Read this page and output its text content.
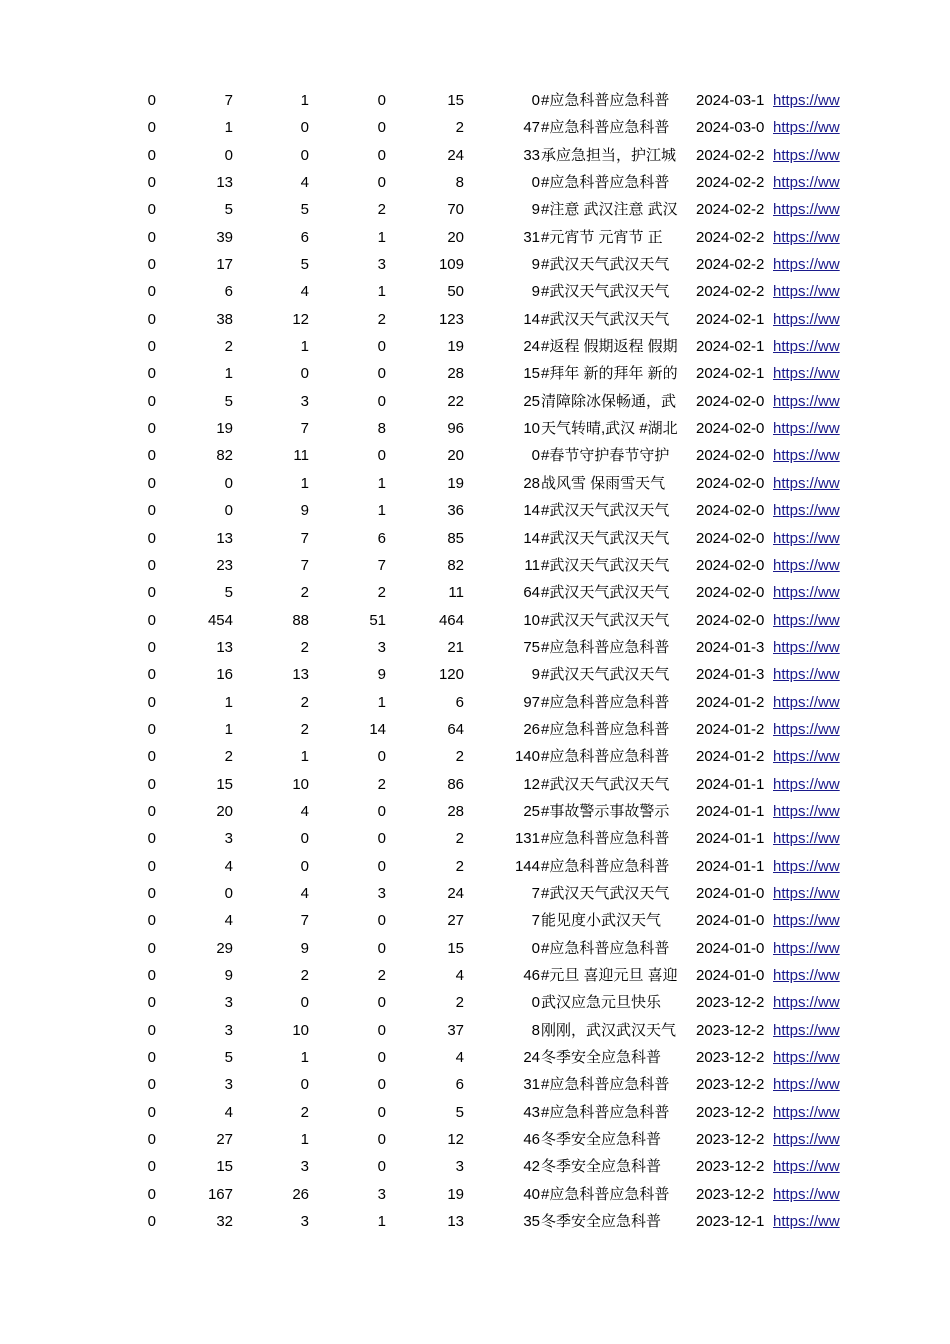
0	7	1	0	15	0 #应急科普应急科普	2024-03-1 https://ww
0	1	0	0	2	47 #应急科普应急科普	2024-03-0 https://ww
0	0	0	0	24	33 承应急担当，护江城	2024-02-2 https://ww
0	13	4	0	8	0 #应急科普应急科普	2024-02-2 https://ww
0	5	5	2	70	9 #注意 武汉注意 武汉	2024-02-2 https://ww
0	39	6	1	20	31 #元宵节 元宵节 正	2024-02-2 https://ww
0	17	5	3	109	9 #武汉天气武汉天气	2024-02-2 https://ww
0	6	4	1	50	9 #武汉天气武汉天气	2024-02-2 https://ww
0	38	12	2	123	14 #武汉天气武汉天气	2024-02-1 https://ww
0	2	1	0	19	24 #返程 假期返程 假期	2024-02-1 https://ww
0	1	0	0	28	15 #拜年 新的拜年 新的	2024-02-1 https://ww
0	5	3	0	22	25 清障除冰保畅通，武	2024-02-0 https://ww
0	19	7	8	96	10 天气转晴,武汉 #湖北	2024-02-0 https://ww
0	82	11	0	20	0 #春节守护春节守护	2024-02-0 https://ww
0	0	1	1	19	28 战风雪 保雨雪天气	2024-02-0 https://ww
0	0	9	1	36	14 #武汉天气武汉天气	2024-02-0 https://ww
0	13	7	6	85	14 #武汉天气武汉天气	2024-02-0 https://ww
0	23	7	7	82	11 #武汉天气武汉天气	2024-02-0 https://ww
0	5	2	2	11	64 #武汉天气武汉天气	2024-02-0 https://ww
0	454	88	51	464	10 #武汉天气武汉天气	2024-02-0 https://ww
0	13	2	3	21	75 #应急科普应急科普	2024-01-3 https://ww
0	16	13	9	120	9 #武汉天气武汉天气	2024-01-3 https://ww
0	1	2	1	6	97 #应急科普应急科普	2024-01-2 https://ww
0	1	2	14	64	26 #应急科普应急科普	2024-01-2 https://ww
0	2	1	0	2	140 #应急科普应急科普	2024-01-2 https://ww
0	15	10	2	86	12 #武汉天气武汉天气	2024-01-1 https://ww
0	20	4	0	28	25 #事故警示事故警示	2024-01-1 https://ww
0	3	0	0	2	131 #应急科普应急科普	2024-01-1 https://ww
0	4	0	0	2	144 #应急科普应急科普	2024-01-1 https://ww
0	0	4	3	24	7 #武汉天气武汉天气	2024-01-0 https://ww
0	4	7	0	27	7 能见度小武汉天气	2024-01-0 https://ww
0	29	9	0	15	0 #应急科普应急科普	2024-01-0 https://ww
0	9	2	2	4	46 #元旦 喜迎元旦 喜迎	2024-01-0 https://ww
0	3	0	0	2	0 武汉应急元旦快乐	2023-12-2 https://ww
0	3	10	0	37	8 刚刚，武汉武汉天气	2023-12-2 https://ww
0	5	1	0	4	24 冬季安全应急科普	2023-12-2 https://ww
0	3	0	0	6	31 #应急科普应急科普	2023-12-2 https://ww
0	4	2	0	5	43 #应急科普应急科普	2023-12-2 https://ww
0	27	1	0	12	46 冬季安全应急科普	2023-12-2 https://ww
0	15	3	0	3	42 冬季安全应急科普	2023-12-2 https://ww
0	167	26	3	19	40 #应急科普应急科普	2023-12-2 https://ww
0	32	3	1	13	35 冬季安全应急科普	2023-12-1 https://ww
